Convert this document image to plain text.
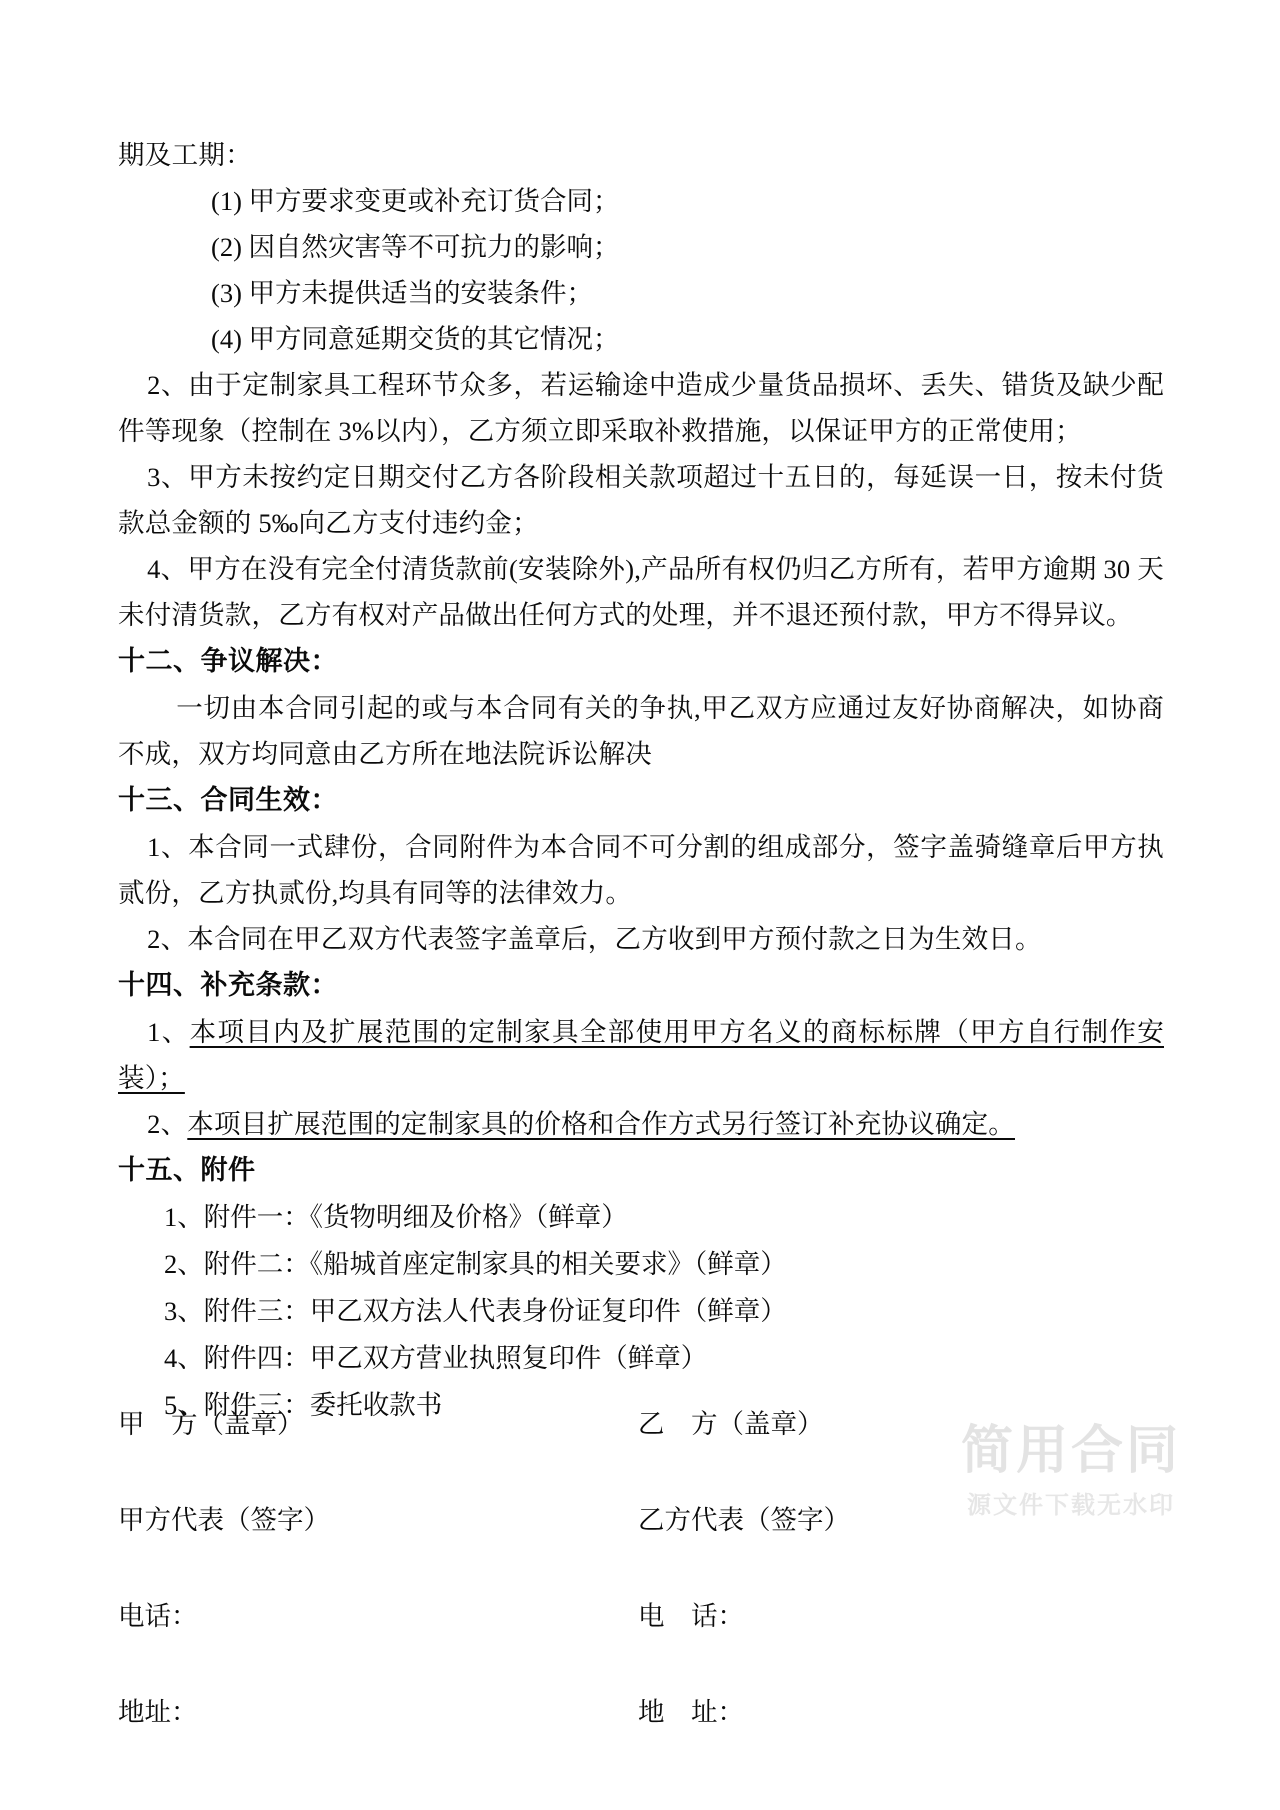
期及工期：
(1) 甲方要求变更或补充订货合同；
(2) 因自然灾害等不可抗力的影响；
(3) 甲方未提供适当的安装条件；
(4) 甲方同意延期交货的其它情况；
2、由于定制家具工程环节众多，若运输途中造成少量货品损坏、丢失、错货及缺少配件等现象（控制在 3%以内），乙方须立即采取补救措施，以保证甲方的正常使用；
3、甲方未按约定日期交付乙方各阶段相关款项超过十五日的，每延误一日，按未付货款总金额的 5‰向乙方支付违约金；
4、甲方在没有完全付清货款前(安装除外),产品所有权仍归乙方所有，若甲方逾期 30 天未付清货款，乙方有权对产品做出任何方式的处理，并不退还预付款，甲方不得异议。
十二、争议解决：
一切由本合同引起的或与本合同有关的争执,甲乙双方应通过友好协商解决，如协商不成，双方均同意由乙方所在地法院诉讼解决
十三、合同生效：
1、本合同一式肆份，合同附件为本合同不可分割的组成部分，签字盖骑缝章后甲方执贰份，乙方执贰份,均具有同等的法律效力。
2、本合同在甲乙双方代表签字盖章后，乙方收到甲方预付款之日为生效日。
十四、补充条款：
1、本项目内及扩展范围的定制家具全部使用甲方名义的商标标牌（甲方自行制作安装）；
2、本项目扩展范围的定制家具的价格和合作方式另行签订补充协议确定。
十五、附件
1、附件一：《货物明细及价格》（鲜章）
2、附件二：《船城首座定制家具的相关要求》（鲜章）
3、附件三：甲乙双方法人代表身份证复印件（鲜章）
4、附件四：甲乙双方营业执照复印件（鲜章）
5、附件三：委托收款书
甲    方（盖章）	乙    方（盖章）
甲方代表（签字）	乙方代表（签字）
电话：	电    话：
地址：	地    址：
简用合同
源文件下载无水印
